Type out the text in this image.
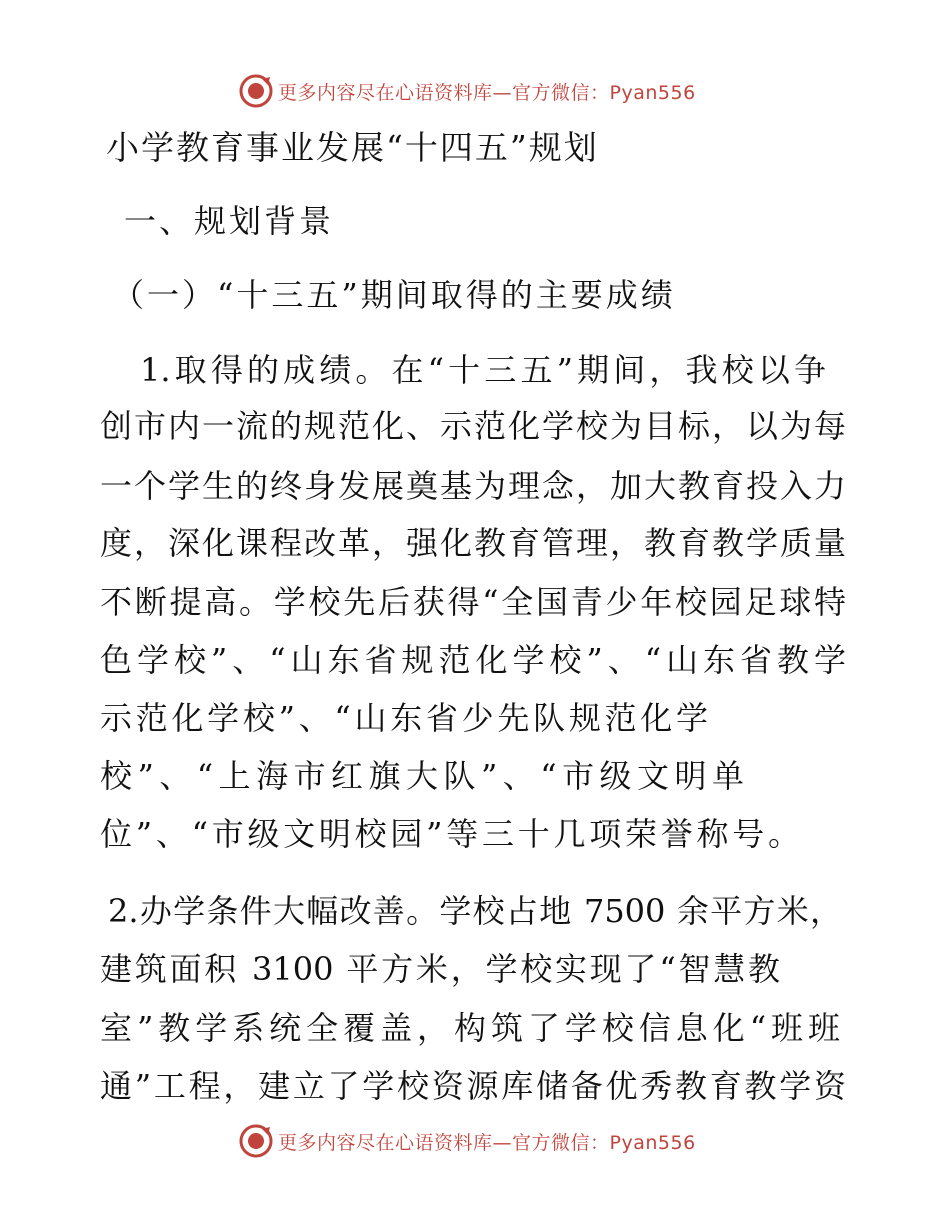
更多内容尽在心语资料库—官方微信：Pyan556
小学教育事业发展“十四五”规划
一、规划背景
（一）“十三五”期间取得的主要成绩
1.取得的成绩。在“十三五”期间，我校以争
创市内一流的规范化、示范化学校为目标，以为每
一个学生的终身发展奠基为理念，加大教育投入力
度，深化课程改革，强化教育管理，教育教学质量
不断提高。学校先后获得“全国青少年校园足球特
色学校”、“山东省规范化学校”、“山东省教学
示范化学校”、“山东省少先队规范化学
校”、“上海市红旗大队”、“市级文明单
位”、“市级文明校园”等三十几项荣誉称号。
2.办学条件大幅改善。学校占地 7500 余平方米，
建筑面积 3100 平方米，学校实现了“智慧教
室”教学系统全覆盖，构筑了学校信息化“班班
通”工程，建立了学校资源库储备优秀教育教学资
更多内容尽在心语资料库—官方微信：Pyan556
